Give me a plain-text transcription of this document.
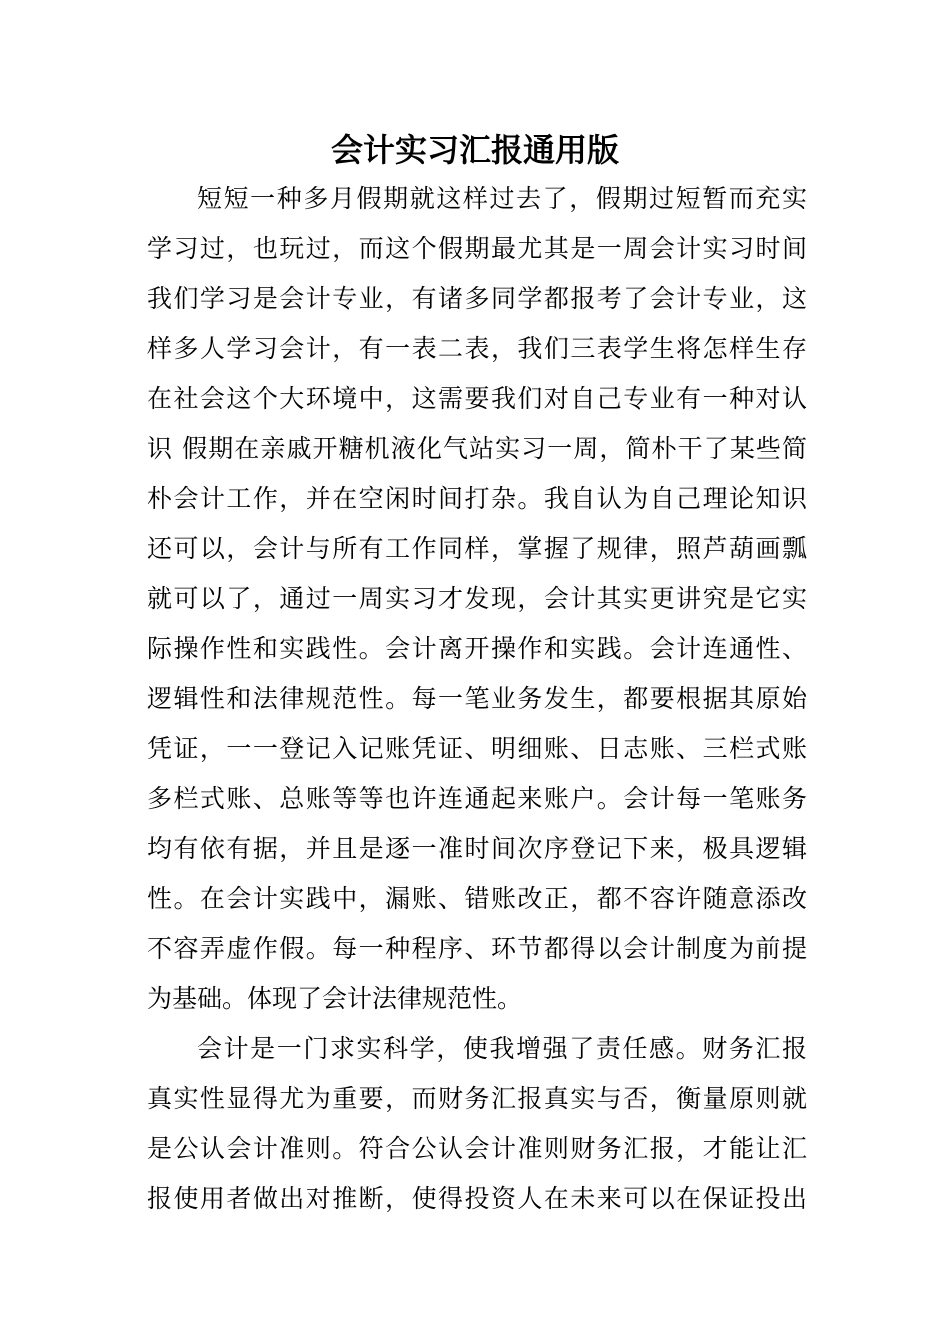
会计实习汇报通用版
短短一种多月假期就这样过去了，假期过短暂而充实
学习过，也玩过，而这个假期最尤其是一周会计实习时间
我们学习是会计专业，有诸多同学都报考了会计专业，这
样多人学习会计，有一表二表，我们三表学生将怎样生存
在社会这个大环境中，这需要我们对自己专业有一种对认
识 假期在亲戚开糖机液化气站实习一周，简朴干了某些简
朴会计工作，并在空闲时间打杂。我自认为自己理论知识
还可以，会计与所有工作同样，掌握了规律，照芦葫画瓢
就可以了，通过一周实习才发现，会计其实更讲究是它实
际操作性和实践性。会计离开操作和实践。会计连通性、
逻辑性和法律规范性。每一笔业务发生，都要根据其原始
凭证，一一登记入记账凭证、明细账、日志账、三栏式账
多栏式账、总账等等也许连通起来账户。会计每一笔账务
均有依有据，并且是逐一准时间次序登记下来，极具逻辑
性。在会计实践中，漏账、错账改正，都不容许随意添改
不容弄虚作假。每一种程序、环节都得以会计制度为前提
为基础。体现了会计法律规范性。
会计是一门求实科学，使我增强了责任感。财务汇报
真实性显得尤为重要，而财务汇报真实与否，衡量原则就
是公认会计准则。符合公认会计准则财务汇报，才能让汇
报使用者做出对推断，使得投资人在未来可以在保证投出
